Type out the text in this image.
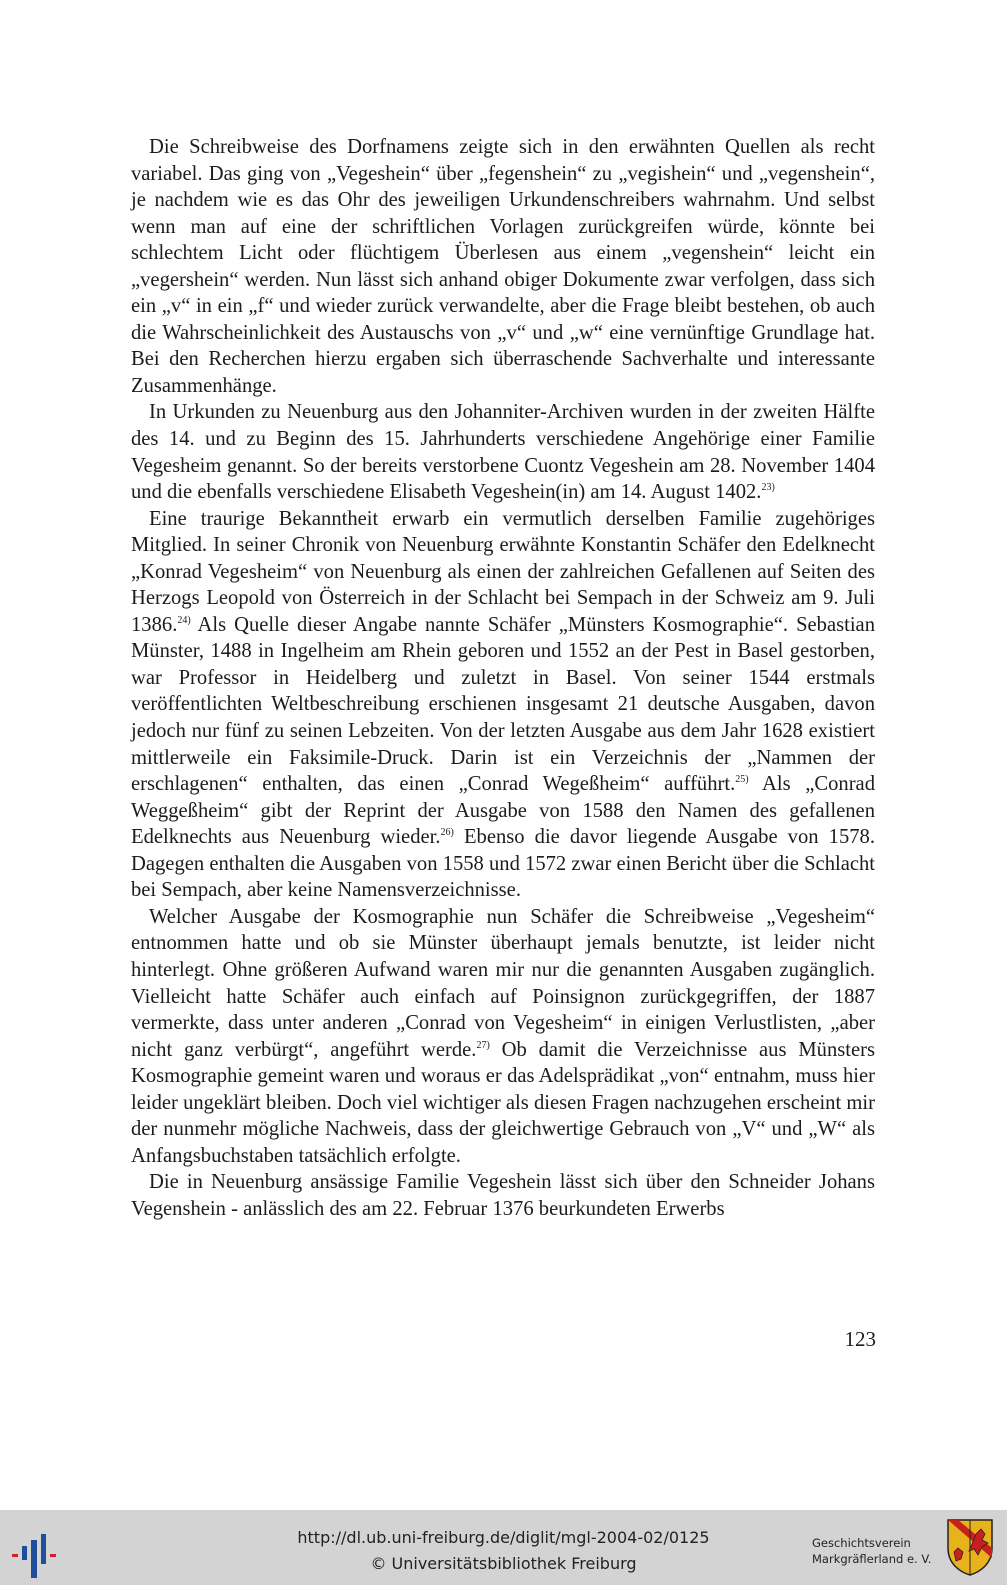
Die Schreibweise des Dorfnamens zeigte sich in den erwähnten Quellen als recht variabel. Das ging von „Vegeshein“ über „fegenshein“ zu „vegishein“ und „vegenshein“, je nachdem wie es das Ohr des jeweiligen Urkundenschreibers wahrnahm. Und selbst wenn man auf eine der schriftlichen Vorlagen zurückgreifen würde, könnte bei schlechtem Licht oder flüchtigem Überlesen aus einem „vegenshein“ leicht ein „vegershein“ werden. Nun lässt sich anhand obiger Dokumente zwar verfolgen, dass sich ein „v“ in ein „f“ und wieder zurück verwandelte, aber die Frage bleibt bestehen, ob auch die Wahrscheinlichkeit des Austauschs von „v“ und „w“ eine vernünftige Grundlage hat. Bei den Recherchen hierzu ergaben sich überraschende Sachverhalte und interessante Zusammenhänge.

In Urkunden zu Neuenburg aus den Johanniter-Archiven wurden in der zweiten Hälfte des 14. und zu Beginn des 15. Jahrhunderts verschiedene Angehörige einer Familie Vegesheim genannt. So der bereits verstorbene Cuontz Vegeshein am 28. November 1404 und die ebenfalls verschiedene Elisabeth Vegeshein(in) am 14. August 1402.$^{23)}$

Eine traurige Bekanntheit erwarb ein vermutlich derselben Familie zugehöriges Mitglied. In seiner Chronik von Neuenburg erwähnte Konstantin Schäfer den Edelknecht „Konrad Vegesheim“ von Neuenburg als einen der zahlreichen Gefallenen auf Seiten des Herzogs Leopold von Österreich in der Schlacht bei Sempach in der Schweiz am 9. Juli 1386.$^{24)}$ Als Quelle dieser Angabe nannte Schäfer „Münsters Kosmographie“. Sebastian Münster, 1488 in Ingelheim am Rhein geboren und 1552 an der Pest in Basel gestorben, war Professor in Heidelberg und zuletzt in Basel. Von seiner 1544 erstmals veröffentlichten Weltbeschreibung erschienen insgesamt 21 deutsche Ausgaben, davon jedoch nur fünf zu seinen Lebzeiten. Von der letzten Ausgabe aus dem Jahr 1628 existiert mittlerweile ein Faksimile-Druck. Darin ist ein Verzeichnis der „Nammen der erschlagenen“ enthalten, das einen „Conrad Wegeßheim“ aufführt.$^{25)}$ Als „Conrad Weggeßheim“ gibt der Reprint der Ausgabe von 1588 den Namen des gefallenen Edelknechts aus Neuenburg wieder.$^{26)}$ Ebenso die davor liegende Ausgabe von 1578. Dagegen enthalten die Ausgaben von 1558 und 1572 zwar einen Bericht über die Schlacht bei Sempach, aber keine Namensverzeichnisse.

Welcher Ausgabe der Kosmographie nun Schäfer die Schreibweise „Vegesheim“ entnommen hatte und ob sie Münster überhaupt jemals benutzte, ist leider nicht hinterlegt. Ohne größeren Aufwand waren mir nur die genannten Ausgaben zugänglich. Vielleicht hatte Schäfer auch einfach auf Poinsignon zurückgegriffen, der 1887 vermerkte, dass unter anderen „Conrad von Vegesheim“ in einigen Verlustlisten, „aber nicht ganz verbürgt“, angeführt werde.$^{27)}$ Ob damit die Verzeichnisse aus Münsters Kosmographie gemeint waren und woraus er das Adelsprädikat „von“ entnahm, muss hier leider ungeklärt bleiben. Doch viel wichtiger als diesen Fragen nachzugehen erscheint mir der nunmehr mögliche Nachweis, dass der gleichwertige Gebrauch von „V“ und „W“ als Anfangsbuchstaben tatsächlich erfolgte.

Die in Neuenburg ansässige Familie Vegeshein lässt sich über den Schneider Johans Vegenshein - anlässlich des am 22. Februar 1376 beurkundeten Erwerbs

123
http://dl.ub.uni-freiburg.de/diglit/mgl-2004-02/0125
© Universitätsbibliothek Freiburg
Geschichtsverein
Markgräflerland e. V.
